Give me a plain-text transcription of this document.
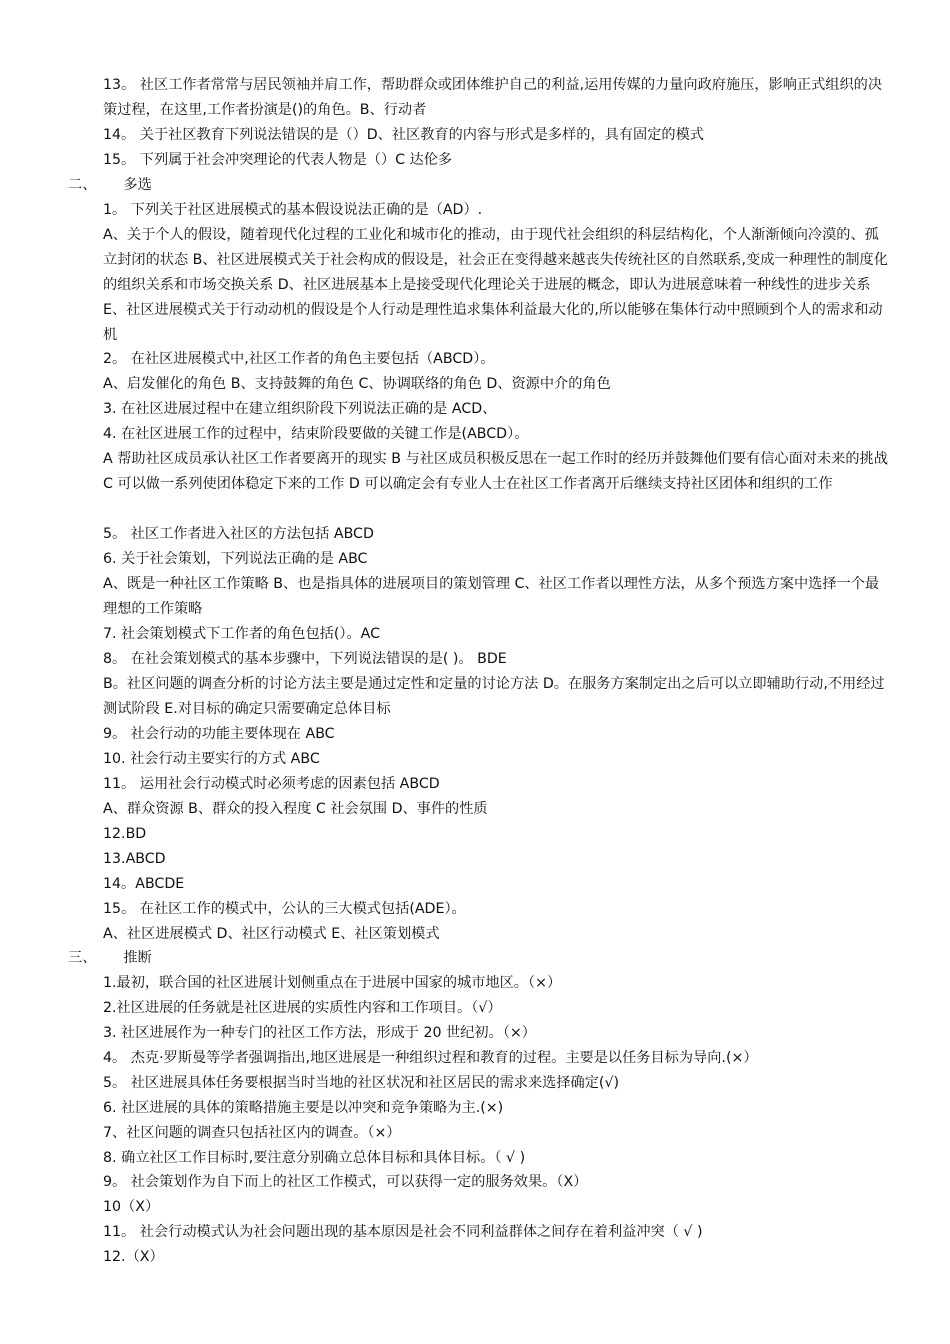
13。 社区工作者常常与居民领袖并肩工作，帮助群众或团体维护自己的利益,运用传媒的力量向政府施压，影响正式组织的决策过程，在这里,工作者扮演是()的角色。B、行动者

14。 关于社区教育下列说法错误的是（）D、社区教育的内容与形式是多样的，具有固定的模式

15。 下列属于社会冲突理论的代表人物是（）C 达伦多

二、      多选

1。 下列关于社区进展模式的基本假设说法正确的是（AD）.

A、关于个人的假设，随着现代化过程的工业化和城市化的推动，由于现代社会组织的科层结构化，个人渐渐倾向冷漠的、孤立封闭的状态 B、社区进展模式关于社会构成的假设是，社会正在变得越来越丧失传统社区的自然联系,变成一种理性的制度化的组织关系和市场交换关系 D、社区进展基本上是接受现代化理论关于进展的概念，即认为进展意味着一种线性的进步关系 E、社区进展模式关于行动动机的假设是个人行动是理性追求集体利益最大化的,所以能够在集体行动中照顾到个人的需求和动机

2。 在社区进展模式中,社区工作者的角色主要包括（ABCD）。

A、启发催化的角色 B、支持鼓舞的角色 C、协调联络的角色 D、资源中介的角色

3. 在社区进展过程中在建立组织阶段下列说法正确的是 ACD、

4. 在社区进展工作的过程中，结束阶段要做的关键工作是(ABCD）。

A 帮助社区成员承认社区工作者要离开的现实 B 与社区成员积极反思在一起工作时的经历并鼓舞他们要有信心面对未来的挑战 C 可以做一系列使团体稳定下来的工作 D 可以确定会有专业人士在社区工作者离开后继续支持社区团体和组织的工作

5。 社区工作者进入社区的方法包括 ABCD

6. 关于社会策划，下列说法正确的是 ABC

A、既是一种社区工作策略 B、也是指具体的进展项目的策划管理 C、社区工作者以理性方法，从多个预选方案中选择一个最理想的工作策略

7. 社会策划模式下工作者的角色包括(）。AC

8。 在社会策划模式的基本步骤中，下列说法错误的是( )。 BDE

B。社区问题的调查分析的讨论方法主要是通过定性和定量的讨论方法 D。在服务方案制定出之后可以立即辅助行动,不用经过测试阶段 E.对目标的确定只需要确定总体目标

9。 社会行动的功能主要体现在 ABC

10. 社会行动主要实行的方式 ABC

11。 运用社会行动模式时必须考虑的因素包括 ABCD

A、群众资源 B、群众的投入程度 C 社会氛围 D、事件的性质

12.BD

13.ABCD

14。ABCDE

15。 在社区工作的模式中，公认的三大模式包括(ADE）。

A、社区进展模式 D、社区行动模式 E、社区策划模式

三、      推断

1.最初，联合国的社区进展计划侧重点在于进展中国家的城市地区。（×）

2.社区进展的任务就是社区进展的实质性内容和工作项目。（√）

3. 社区进展作为一种专门的社区工作方法，形成于 20 世纪初。（×）

4。 杰克·罗斯曼等学者强调指出,地区进展是一种组织过程和教育的过程。主要是以任务目标为导向.(×）

5。 社区进展具体任务要根据当时当地的社区状况和社区居民的需求来选择确定(√)

6. 社区进展的具体的策略措施主要是以冲突和竞争策略为主.(×)

7、社区问题的调查只包括社区内的调查。（×）

8. 确立社区工作目标时,要注意分别确立总体目标和具体目标。（ √ )

9。 社会策划作为自下而上的社区工作模式，可以获得一定的服务效果。（X）

10（X）

11。 社会行动模式认为社会问题出现的基本原因是社会不同利益群体之间存在着利益冲突（ √ )

12.（X）
